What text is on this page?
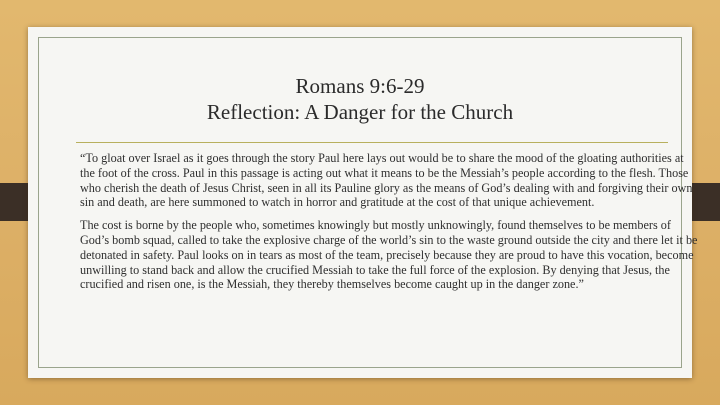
Romans 9:6-29
Reflection: A Danger for the Church

“To gloat over Israel as it goes through the story Paul here lays out would be to share the mood of the gloating authorities at the foot of the cross. Paul in this passage is acting out what it means to be the Messiah’s people according to the flesh. Those who cherish the death of Jesus Christ, seen in all its Pauline glory as the means of God’s dealing with and forgiving their own sin and death, are here summoned to watch in horror and gratitude at the cost of that unique achievement.

The cost is borne by the people who, sometimes knowingly but mostly unknowingly, found themselves to be members of God’s bomb squad, called to take the explosive charge of the world’s sin to the waste ground outside the city and there let it be detonated in safety. Paul looks on in tears as most of the team, precisely because they are proud to have this vocation, become unwilling to stand back and allow the crucified Messiah to take the full force of the explosion. By denying that Jesus, the crucified and risen one, is the Messiah, they thereby themselves become caught up in the danger zone.”
